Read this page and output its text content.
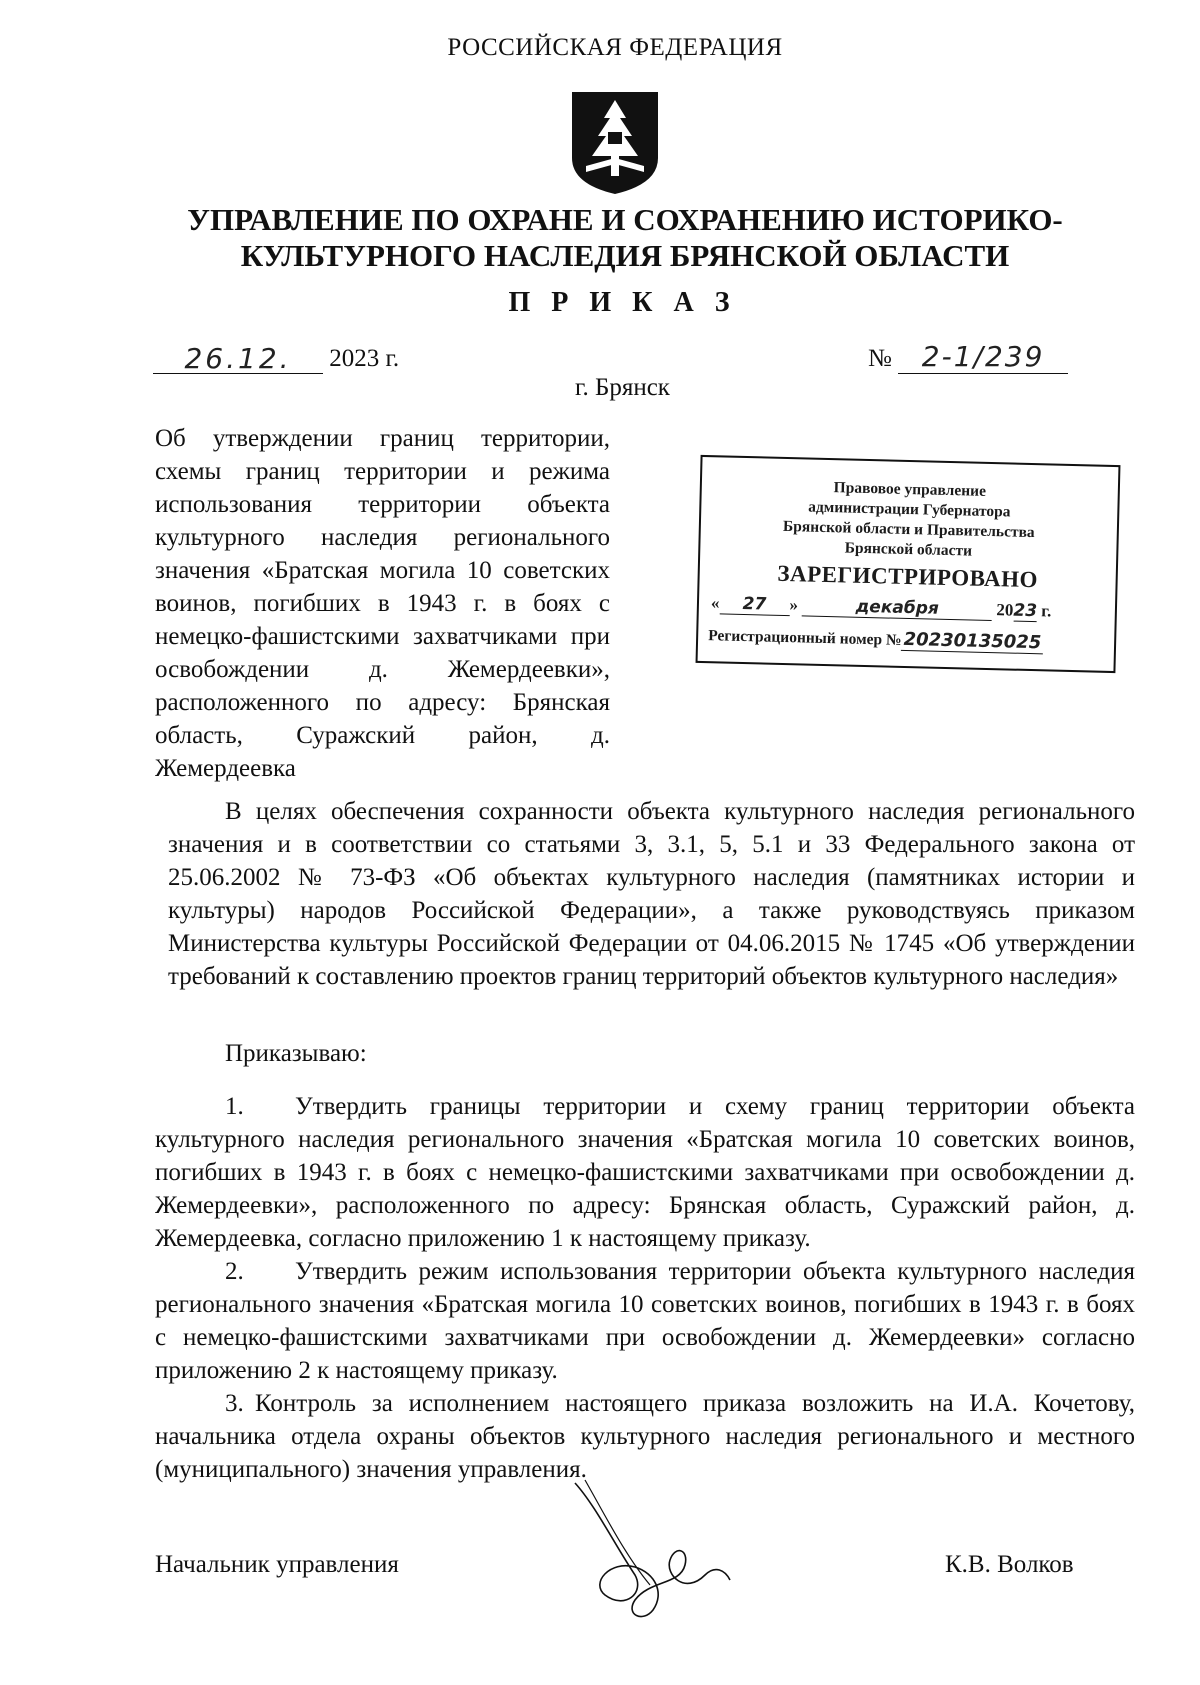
РОССИЙСКАЯ ФЕДЕРАЦИЯ
УПРАВЛЕНИЕ ПО ОХРАНЕ И СОХРАНЕНИЮ ИСТОРИКО-
КУЛЬТУРНОГО НАСЛЕДИЯ БРЯНСКОЙ ОБЛАСТИ
П Р И К А З
26.12. 2023 г.	№ 2-1/239
г. Брянск
Об утверждении границ территории, схемы границ территории и режима использования территории объекта культурного наследия регионального значения «Братская могила 10 советских воинов, погибших в 1943 г. в боях с немецко-фашистскими захватчиками при освобождении д. Жемердеевки», расположенного по адресу: Брянская область, Суражский район, д. Жемердеевка
Правовое управление
администрации Губернатора
Брянской области и Правительства
Брянской области
ЗАРЕГИСТРИРОВАНО
« 27 »	декабря	2023 г.
Регистрационный номер №20230135025

В целях обеспечения сохранности объекта культурного наследия регионального значения и в соответствии со статьями 3, 3.1, 5, 5.1 и 33 Федерального закона от 25.06.2002 № 73-ФЗ «Об объектах культурного наследия (памятниках истории и культуры) народов Российской Федерации», а также руководствуясь приказом Министерства культуры Российской Федерации от 04.06.2015 № 1745 «Об утверждении требований к составлению проектов границ территорий объектов культурного наследия»

Приказываю:

1. Утвердить границы территории и схему границ территории объекта культурного наследия регионального значения «Братская могила 10 советских воинов, погибших в 1943 г. в боях с немецко-фашистскими захватчиками при освобождении д. Жемердеевки», расположенного по адресу: Брянская область, Суражский район, д. Жемердеевка, согласно приложению 1 к настоящему приказу.

2. Утвердить режим использования территории объекта культурного наследия регионального значения «Братская могила 10 советских воинов, погибших в 1943 г. в боях с немецко-фашистскими захватчиками при освобождении д. Жемердеевки» согласно приложению 2 к настоящему приказу.

3. Контроль за исполнением настоящего приказа возложить на И.А. Кочетову, начальника отдела охраны объектов культурного наследия регионального и местного (муниципального) значения управления.

Начальник управления	К.В. Волков
